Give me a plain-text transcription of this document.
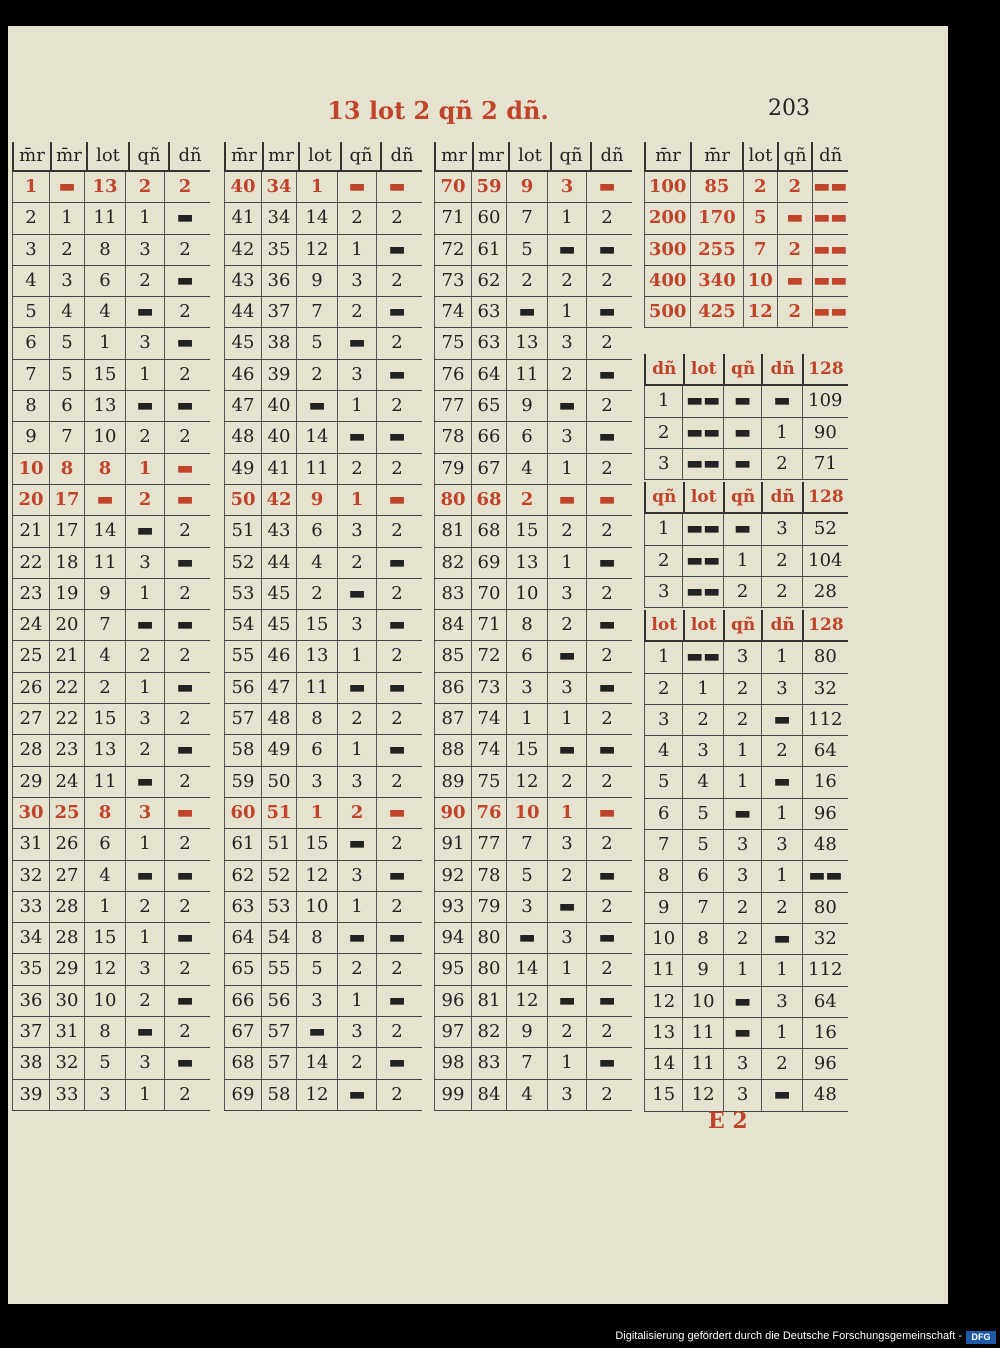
13 lot 2 qñ 2 dñ.	203
m̄r m̄r lot qñ dñ
1	▬ 13	2	2
2	1	11	1	▬
3	2	8	3	2
4	3	6	2	▬
5	4	4	▬	2
6	5	1	3	▬
7	5	15	1	2
8	6	13	▬	▬
9	7	10	2	2
10 8	8	1	▬
20 17 ▬	2	▬
21 17 14	▬	2
22 18 11	3	▬
23 19	9	1	2
24 20	7	▬	▬
25 21	4	2	2
26 22	2	1	▬
27 22 15	3	2
28 23 13	2	▬
29 24 11	▬	2
30 25	8	3	▬
31 26	6	1	2
32 27	4	▬	▬
33 28	1	2	2
34 28 15	1	▬
35 29 12	3	2
36 30 10	2	▬
37 31	8	▬	2
38 32	5	3	▬
39 33	3	1	2
m̄r mr lot qñ dñ
40 34	1	▬	▬
41 34 14	2	2
42 35 12	1	▬
43 36	9	3	2
44 37	7	2	▬
45 38	5	▬	2
46 39	2	3	▬
47 40	▬	1	2
48 40 14	▬	▬
49 41 11	2	2
50 42	9	1	▬
51 43	6	3	2
52 44	4	2	▬
53 45	2	▬	2
54 45 15	3	▬
55 46 13	1	2
56 47 11	▬	▬
57 48	8	2	2
58 49	6	1	▬
59 50	3	3	2
60 51	1	2	▬
61 51 15	▬	2
62 52 12	3	▬
63 53 10	1	2
64 54	8	▬	▬
65 55	5	2	2
66 56	3	1	▬
67 57	▬	3	2
68 57 14	2	▬
69 58 12	▬	2
mr mr lot qñ dñ
70 59	9	3	▬
71 60	7	1	2
72 61	5	▬	▬
73 62	2	2	2
74 63	▬	1	▬
75 63 13	3	2
76 64 11	2	▬
77 65	9	▬	2
78 66	6	3	▬
79 67	4	1	2
80 68	2	▬	▬
81 68 15	2	2
82 69 13	1	▬
83 70 10	3	2
84 71	8	2	▬
85 72	6	▬	2
86 73	3	3	▬
87 74	1	1	2
88 74 15	▬	▬
89 75 12	2	2
90 76 10	1	▬
91 77	7	3	2
92 78	5	2	▬
93 79	3	▬	2
94 80	▬	3	▬
95 80 14	1	2
96 81 12	▬	▬
97 82	9	2	2
98 83	7	1	▬
99 84	4	3	2
m̄r	m̄r	lot qñ dñ
100 85	2	2 ▬▬
200 170	5	▬ ▬▬
300 255	7	2 ▬▬
400 340 10 ▬ ▬▬
500 425 12 2 ▬▬
dñ lot qñ dñ 128
1 ▬▬ ▬	▬ 109
2 ▬▬ ▬	1	90
3 ▬▬ ▬	2	71
qñ lot qñ dñ 128
1 ▬▬ ▬	3	52
2 ▬▬ 1	2	104
3 ▬▬ 2	2	28
lot lot qñ dñ 128
1 ▬▬ 3	1	80
2	1	2	3	32
3	2	2	▬ 112
4	3	1	2	64
5	4	1	▬	16
6	5	▬	1	96
7	5	3	3	48
8	6	3	1	▬▬
9	7	2	2	80
10	8	2	▬	32
11	9	1	1	112
12 10	▬	3	64
13 11	▬	1	16
14 11	3	2	96
15 12	3	▬	48
E 2
Digitalisierung gefördert durch die Deutsche Forschungsgemeinschaft -	DFG
